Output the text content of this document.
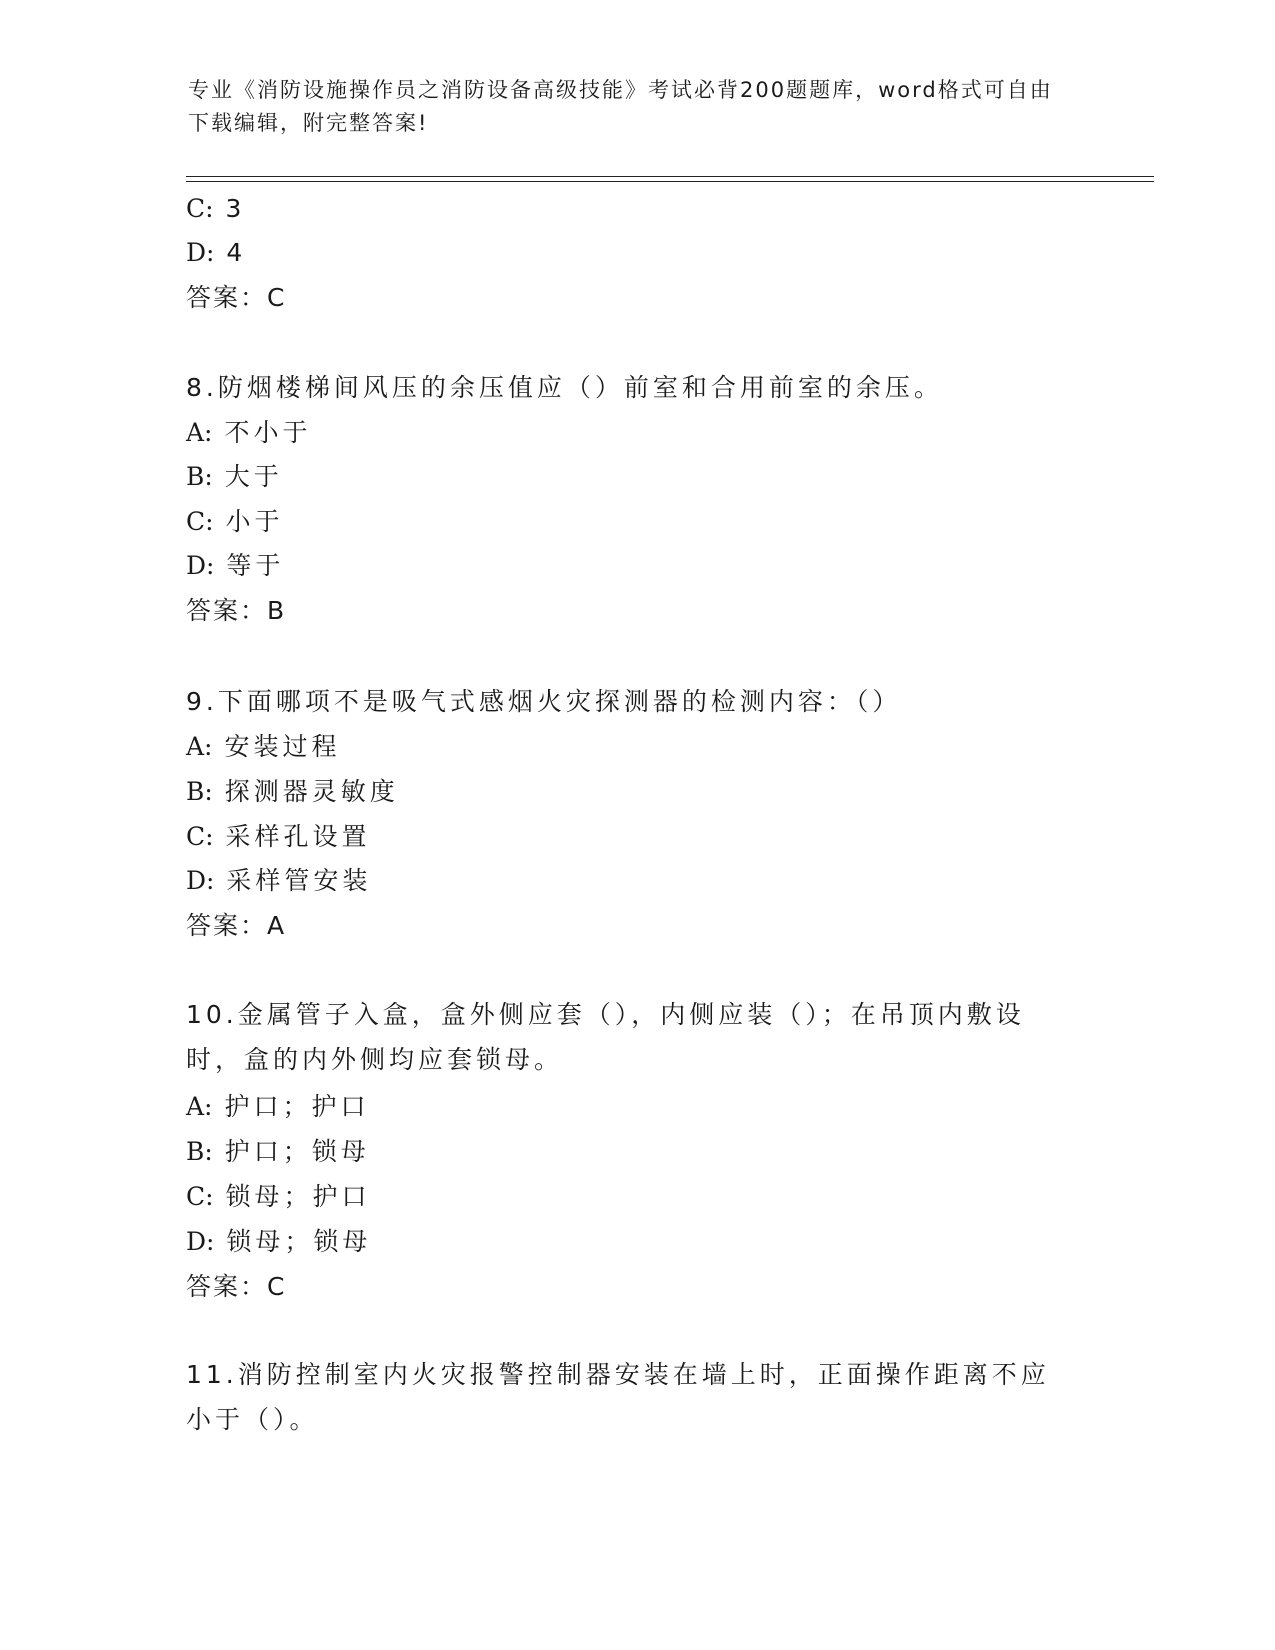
专业《消防设施操作员之消防设备高级技能》考试必背200题题库，word格式可自由下载编辑，附完整答案!
C: 3
D: 4
答案：C
8.防烟楼梯间风压的余压值应（）前室和合用前室的余压。
A: 不小于
B: 大于
C: 小于
D: 等于
答案：B
9.下面哪项不是吸气式感烟火灾探测器的检测内容：（）
A: 安装过程
B: 探测器灵敏度
C: 采样孔设置
D: 采样管安装
答案：A
10.金属管子入盒，盒外侧应套（），内侧应装（）；在吊顶内敷设时，盒的内外侧均应套锁母。
A: 护口；护口
B: 护口；锁母
C: 锁母；护口
D: 锁母；锁母
答案：C
11.消防控制室内火灾报警控制器安装在墙上时，正面操作距离不应小于（）。
